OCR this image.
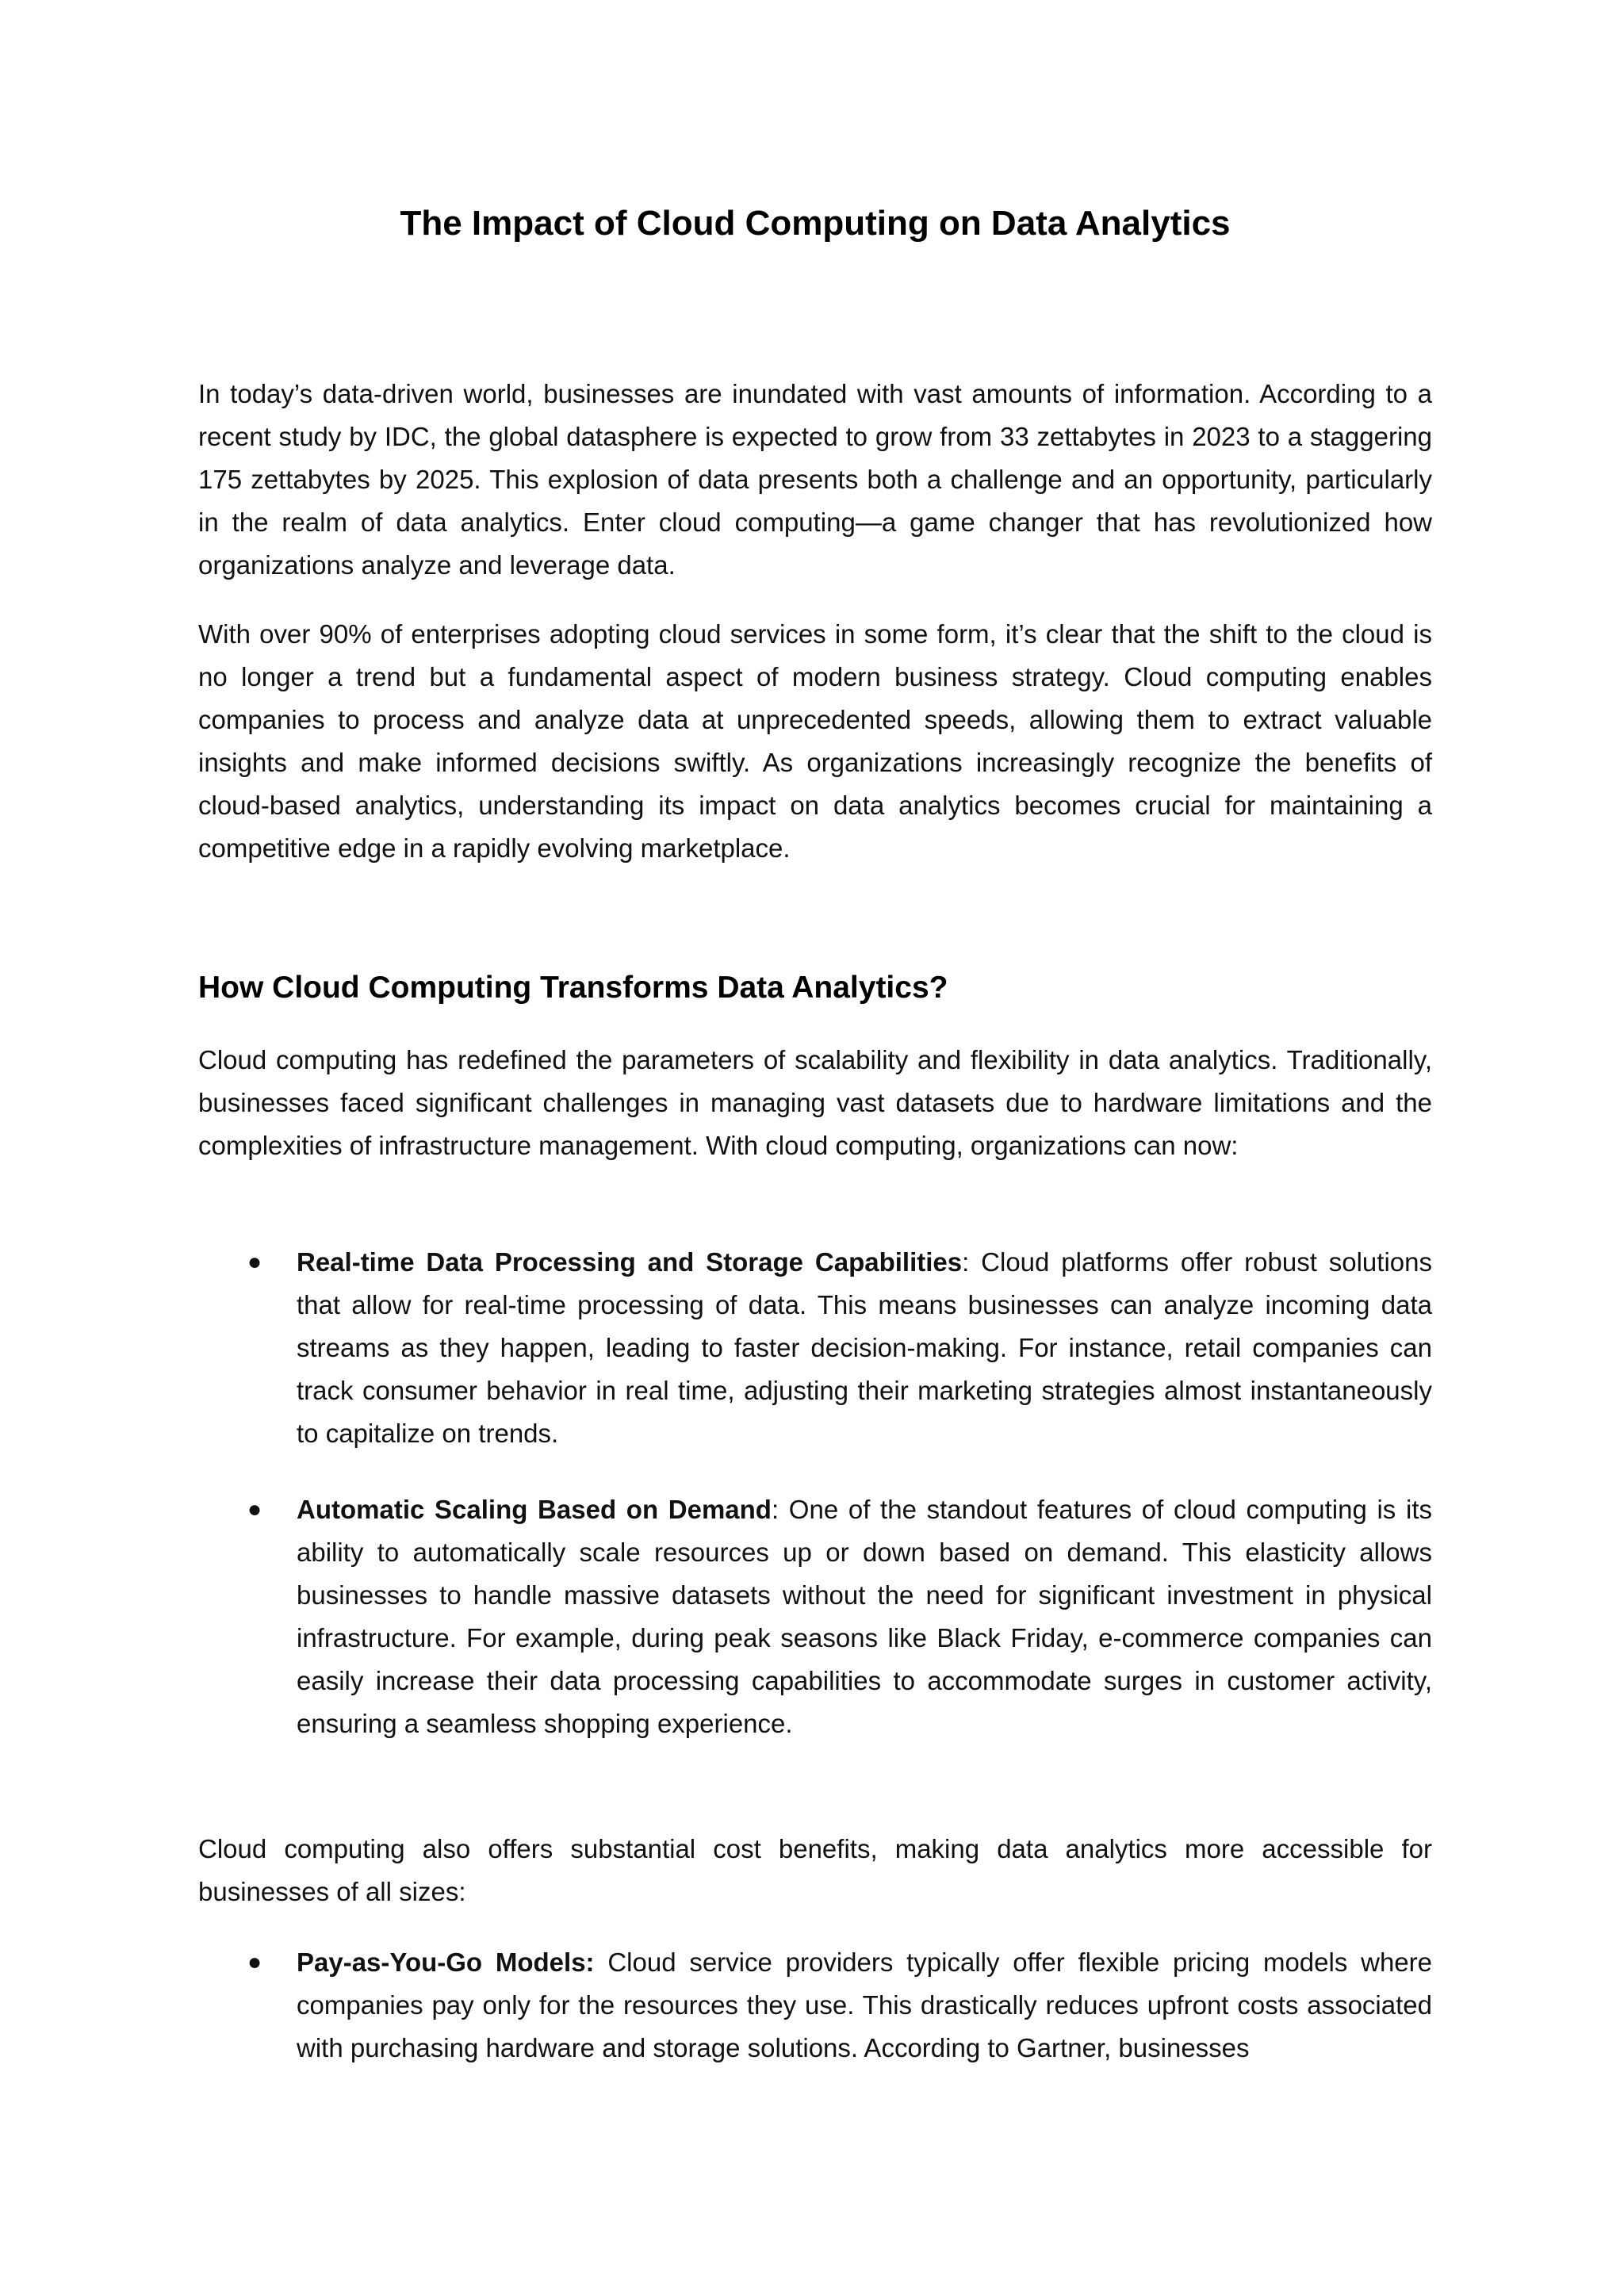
The Impact of Cloud Computing on Data Analytics

In today’s data-driven world, businesses are inundated with vast amounts of information. According to a recent study by IDC, the global datasphere is expected to grow from 33 zettabytes in 2023 to a staggering 175 zettabytes by 2025. This explosion of data presents both a challenge and an opportunity, particularly in the realm of data analytics. Enter cloud computing—a game changer that has revolutionized how organizations analyze and leverage data.

With over 90% of enterprises adopting cloud services in some form, it’s clear that the shift to the cloud is no longer a trend but a fundamental aspect of modern business strategy. Cloud computing enables companies to process and analyze data at unprecedented speeds, allowing them to extract valuable insights and make informed decisions swiftly. As organizations increasingly recognize the benefits of cloud-based analytics, understanding its impact on data analytics becomes crucial for maintaining a competitive edge in a rapidly evolving marketplace.

How Cloud Computing Transforms Data Analytics?

Cloud computing has redefined the parameters of scalability and flexibility in data analytics. Traditionally, businesses faced significant challenges in managing vast datasets due to hardware limitations and the complexities of infrastructure management. With cloud computing, organizations can now:

● Real-time Data Processing and Storage Capabilities: Cloud platforms offer robust solutions that allow for real-time processing of data. This means businesses can analyze incoming data streams as they happen, leading to faster decision-making. For instance, retail companies can track consumer behavior in real time, adjusting their marketing strategies almost instantaneously to capitalize on trends.

● Automatic Scaling Based on Demand: One of the standout features of cloud computing is its ability to automatically scale resources up or down based on demand. This elasticity allows businesses to handle massive datasets without the need for significant investment in physical infrastructure. For example, during peak seasons like Black Friday, e-commerce companies can easily increase their data processing capabilities to accommodate surges in customer activity, ensuring a seamless shopping experience.

Cloud computing also offers substantial cost benefits, making data analytics more accessible for businesses of all sizes:

● Pay-as-You-Go Models: Cloud service providers typically offer flexible pricing models where companies pay only for the resources they use. This drastically reduces upfront costs associated with purchasing hardware and storage solutions. According to Gartner, businesses
